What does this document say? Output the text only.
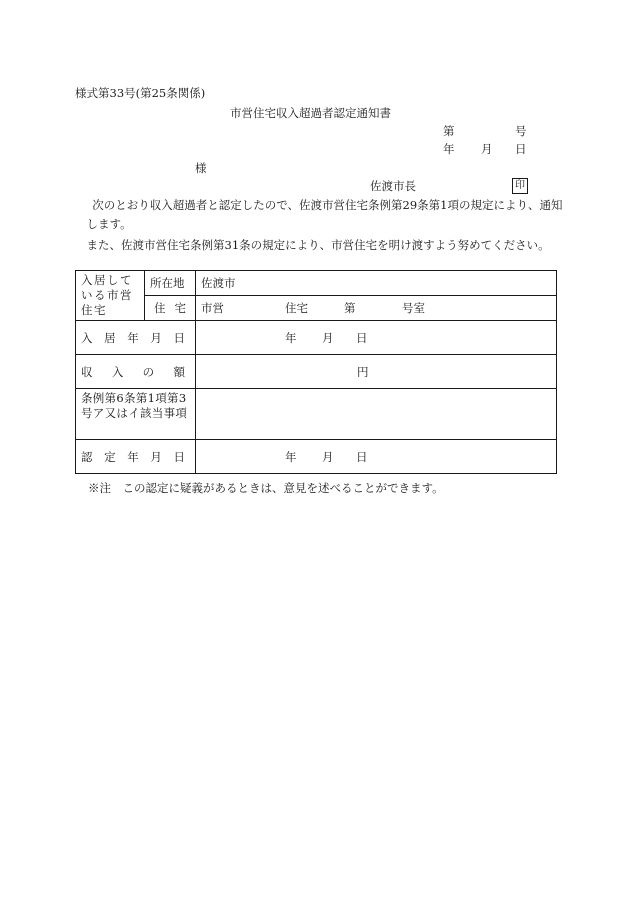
様式第33号(第25条関係)
市営住宅収入超過者認定通知書
第	号
年 月 日
様
佐渡市長	印

次のとおり収入超過者と認定したので、佐渡市営住宅条例第29条第1項の規定により、通知します。

また、佐渡市営住宅条例第31条の規定により、市営住宅を明け渡すよう努めてください。

入居している市営住宅	所在地	佐渡市

	住 宅	市営 住宅 第 号室

入 居 年 月 日		年 月 日

収 入 の 額		円

条例第6条第1項第3号ア又はイ該当事項		

認 定 年 月 日		年 月 日
※注　この認定に疑義があるときは、意見を述べることができます。
